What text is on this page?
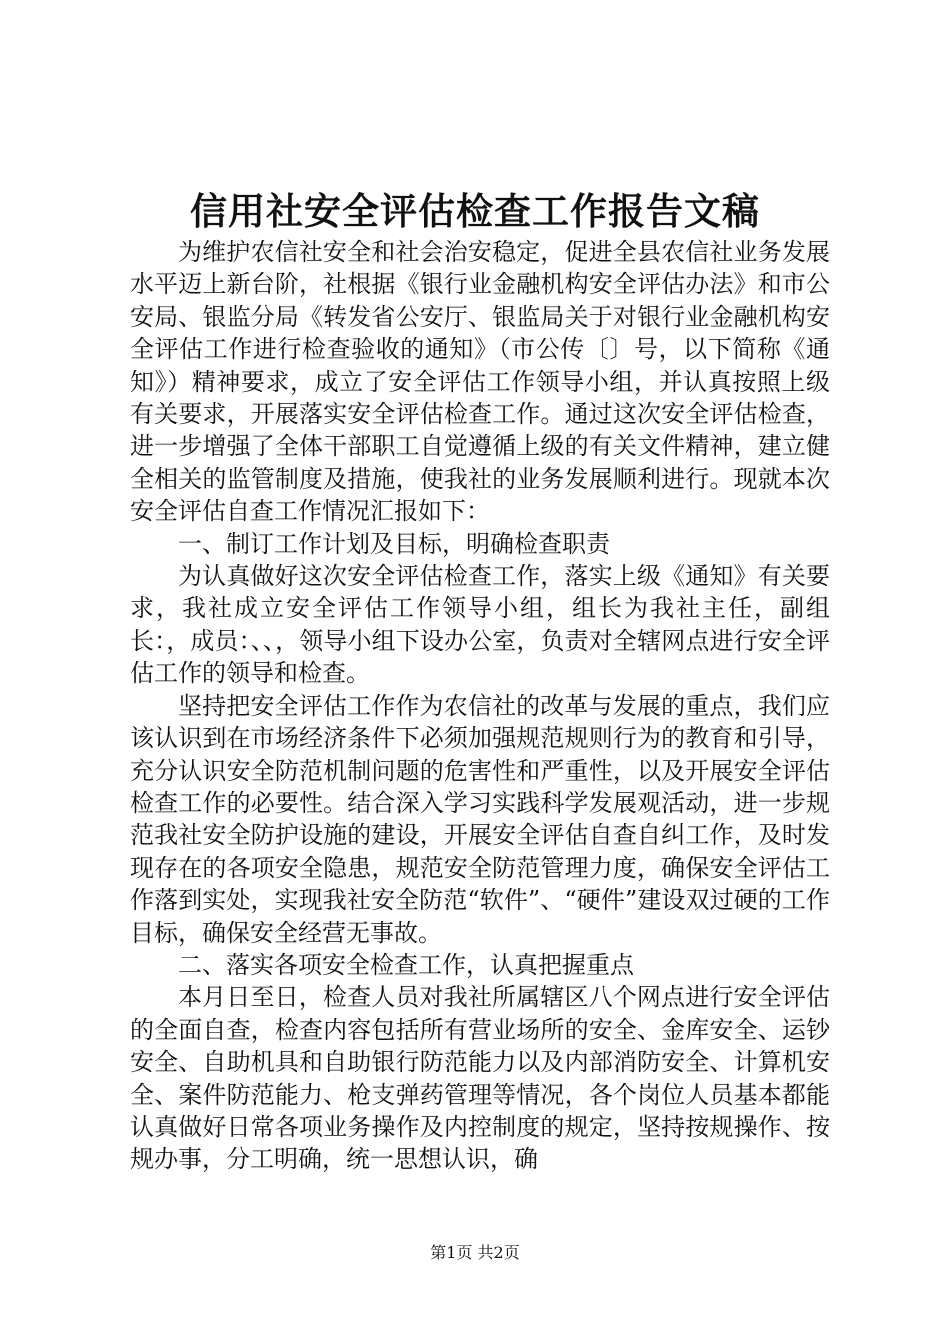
信用社安全评估检查工作报告文稿

为维护农信社安全和社会治安稳定，促进全县农信社业务发展水平迈上新台阶，社根据《银行业金融机构安全评估办法》和市公安局、银监分局《转发省公安厅、银监局关于对银行业金融机构安全评估工作进行检查验收的通知》（市公传〔〕号，以下简称《通知》）精神要求，成立了安全评估工作领导小组，并认真按照上级有关要求，开展落实安全评估检查工作。通过这次安全评估检查，进一步增强了全体干部职工自觉遵循上级的有关文件精神，建立健全相关的监管制度及措施，使我社的业务发展顺利进行。现就本次安全评估自查工作情况汇报如下：

一、制订工作计划及目标，明确检查职责

为认真做好这次安全评估检查工作，落实上级《通知》有关要求，我社成立安全评估工作领导小组，组长为我社主任，副组长：，成员：、、，领导小组下设办公室，负责对全辖网点进行安全评估工作的领导和检查。

坚持把安全评估工作作为农信社的改革与发展的重点，我们应该认识到在市场经济条件下必须加强规范规则行为的教育和引导，充分认识安全防范机制问题的危害性和严重性，以及开展安全评估检查工作的必要性。结合深入学习实践科学发展观活动，进一步规范我社安全防护设施的建设，开展安全评估自查自纠工作，及时发现存在的各项安全隐患，规范安全防范管理力度，确保安全评估工作落到实处，实现我社安全防范“软件”、“硬件”建设双过硬的工作目标，确保安全经营无事故。

二、落实各项安全检查工作，认真把握重点

本月日至日，检查人员对我社所属辖区八个网点进行安全评估的全面自查，检查内容包括所有营业场所的安全、金库安全、运钞安全、自助机具和自助银行防范能力以及内部消防安全、计算机安全、案件防范能力、枪支弹药管理等情况，各个岗位人员基本都能认真做好日常各项业务操作及内控制度的规定，坚持按规操作、按规办事，分工明确，统一思想认识，确

第1页 共2页
